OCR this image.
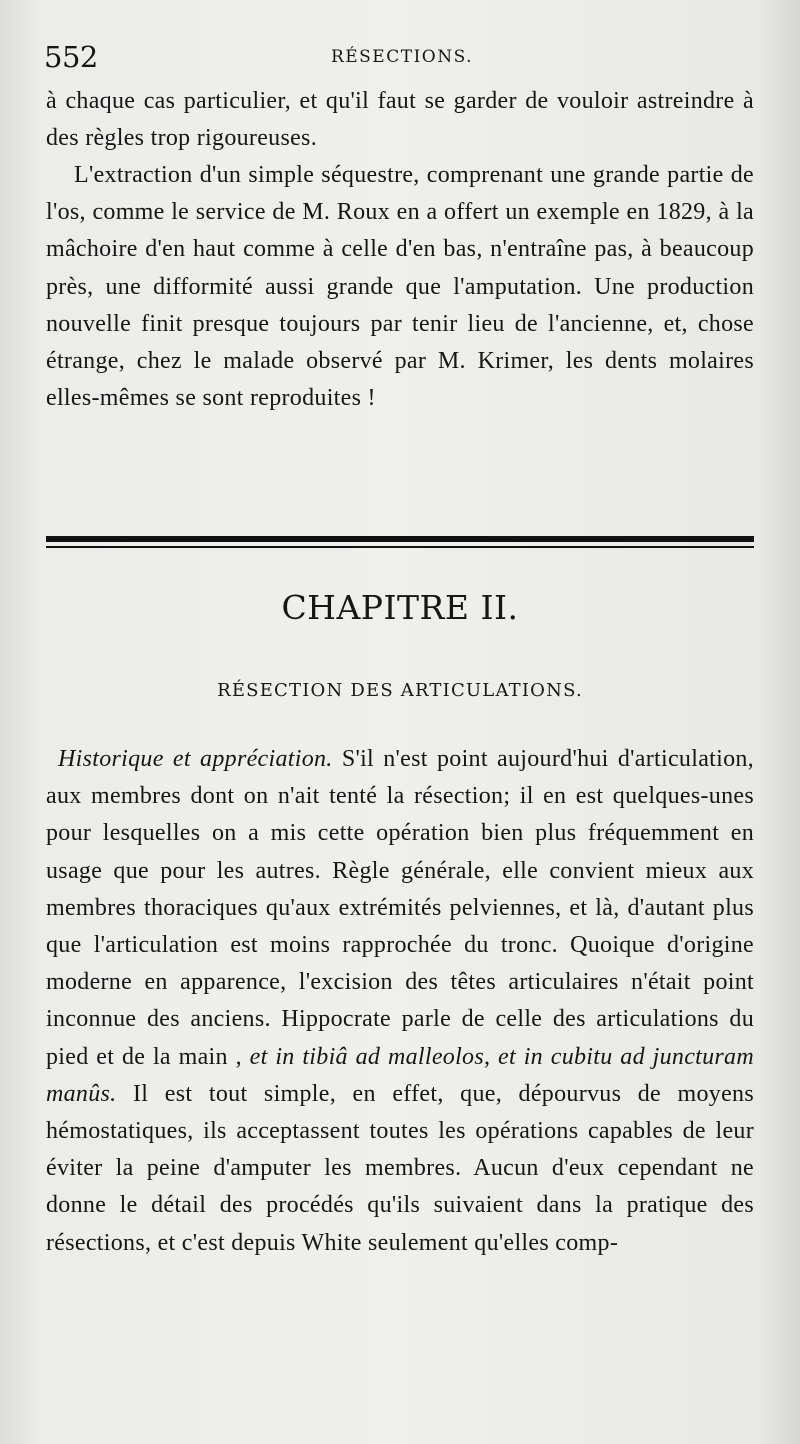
552	RÉSECTIONS.

à chaque cas particulier, et qu'il faut se garder de vouloir astreindre à des règles trop rigoureuses.

L'extraction d'un simple séquestre, comprenant une grande partie de l'os, comme le service de M. Roux en a offert un exemple en 1829, à la mâchoire d'en haut comme à celle d'en bas, n'entraîne pas, à beaucoup près, une difformité aussi grande que l'amputation. Une production nouvelle finit presque toujours par tenir lieu de l'ancienne, et, chose étrange, chez le malade observé par M. Krimer, les dents molaires elles-mêmes se sont reproduites !

CHAPITRE II.
RÉSECTION DES ARTICULATIONS.

Historique et appréciation. S'il n'est point aujourd'hui d'articulation, aux membres dont on n'ait tenté la résection; il en est quelques-unes pour lesquelles on a mis cette opération bien plus fréquemment en usage que pour les autres. Règle générale, elle convient mieux aux membres thoraciques qu'aux extrémités pelviennes, et là, d'autant plus que l'articulation est moins rapprochée du tronc. Quoique d'origine moderne en apparence, l'excision des têtes articulaires n'était point inconnue des anciens. Hippocrate parle de celle des articulations du pied et de la main , et in tibiâ ad malleolos, et in cubitu ad juncturam manûs. Il est tout simple, en effet, que, dépourvus de moyens hémostatiques, ils acceptassent toutes les opérations capables de leur éviter la peine d'amputer les membres. Aucun d'eux cependant ne donne le détail des procédés qu'ils suivaient dans la pratique des résections, et c'est depuis White seulement qu'elles comp-
